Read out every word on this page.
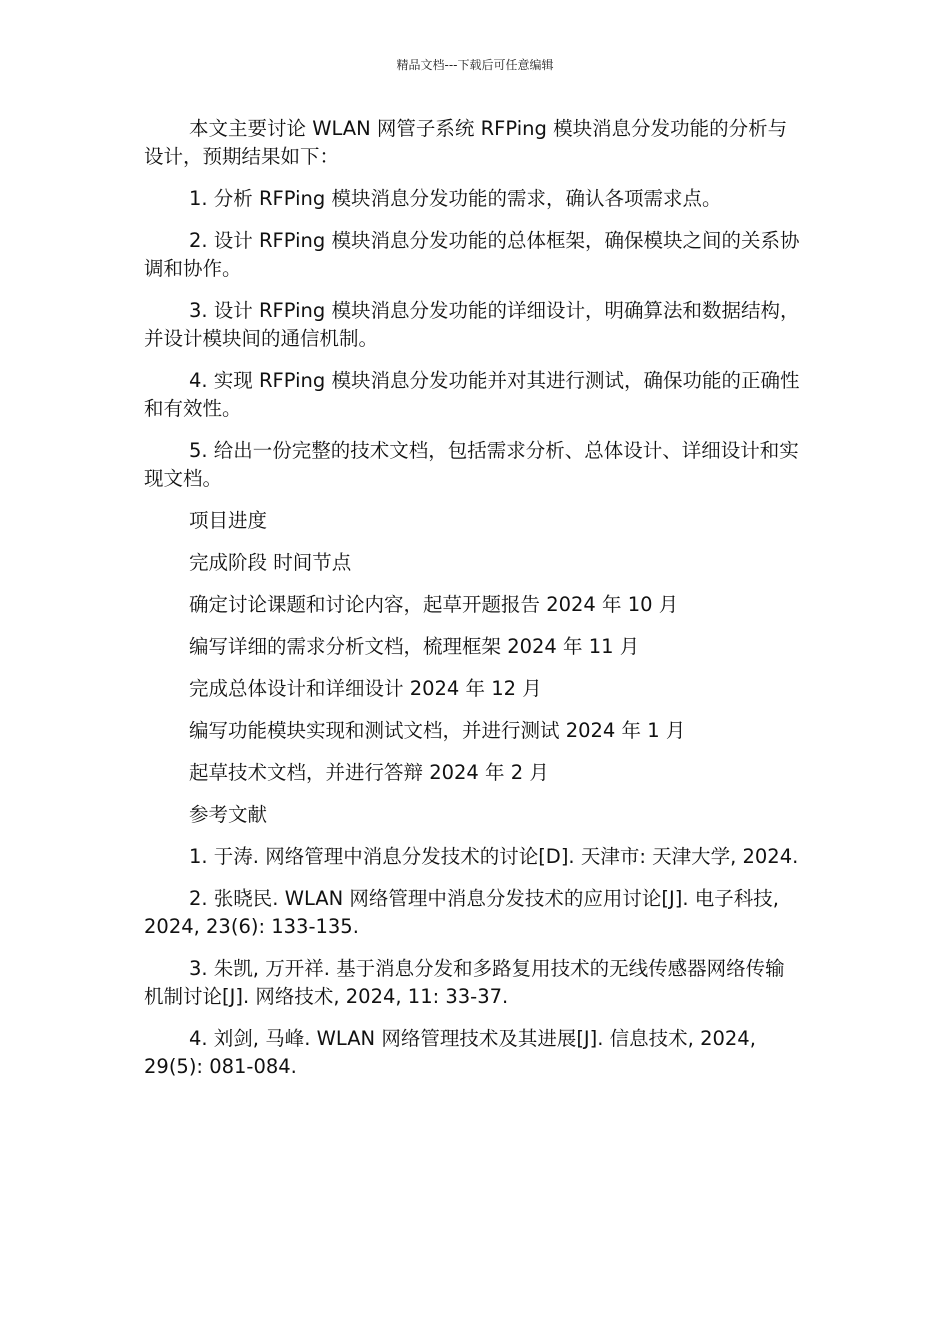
精品文档---下载后可任意编辑

本文主要讨论 WLAN 网管子系统 RFPing 模块消息分发功能的分析与设计，预期结果如下：

1. 分析 RFPing 模块消息分发功能的需求，确认各项需求点。

2. 设计 RFPing 模块消息分发功能的总体框架，确保模块之间的关系协调和协作。

3. 设计 RFPing 模块消息分发功能的详细设计，明确算法和数据结构，并设计模块间的通信机制。

4. 实现 RFPing 模块消息分发功能并对其进行测试，确保功能的正确性和有效性。

5. 给出一份完整的技术文档，包括需求分析、总体设计、详细设计和实现文档。

项目进度

完成阶段 时间节点

确定讨论课题和讨论内容，起草开题报告 2024 年 10 月

编写详细的需求分析文档，梳理框架 2024 年 11 月

完成总体设计和详细设计 2024 年 12 月

编写功能模块实现和测试文档，并进行测试 2024 年 1 月

起草技术文档，并进行答辩 2024 年 2 月

参考文献

1. 于涛. 网络管理中消息分发技术的讨论[D]. 天津市: 天津大学, 2024.

2. 张晓民. WLAN 网络管理中消息分发技术的应用讨论[J]. 电子科技, 2024, 23(6): 133-135.

3. 朱凯, 万开祥. 基于消息分发和多路复用技术的无线传感器网络传输机制讨论[J]. 网络技术, 2024, 11: 33-37.

4. 刘剑, 马峰. WLAN 网络管理技术及其进展[J]. 信息技术, 2024, 29(5): 081-084.
